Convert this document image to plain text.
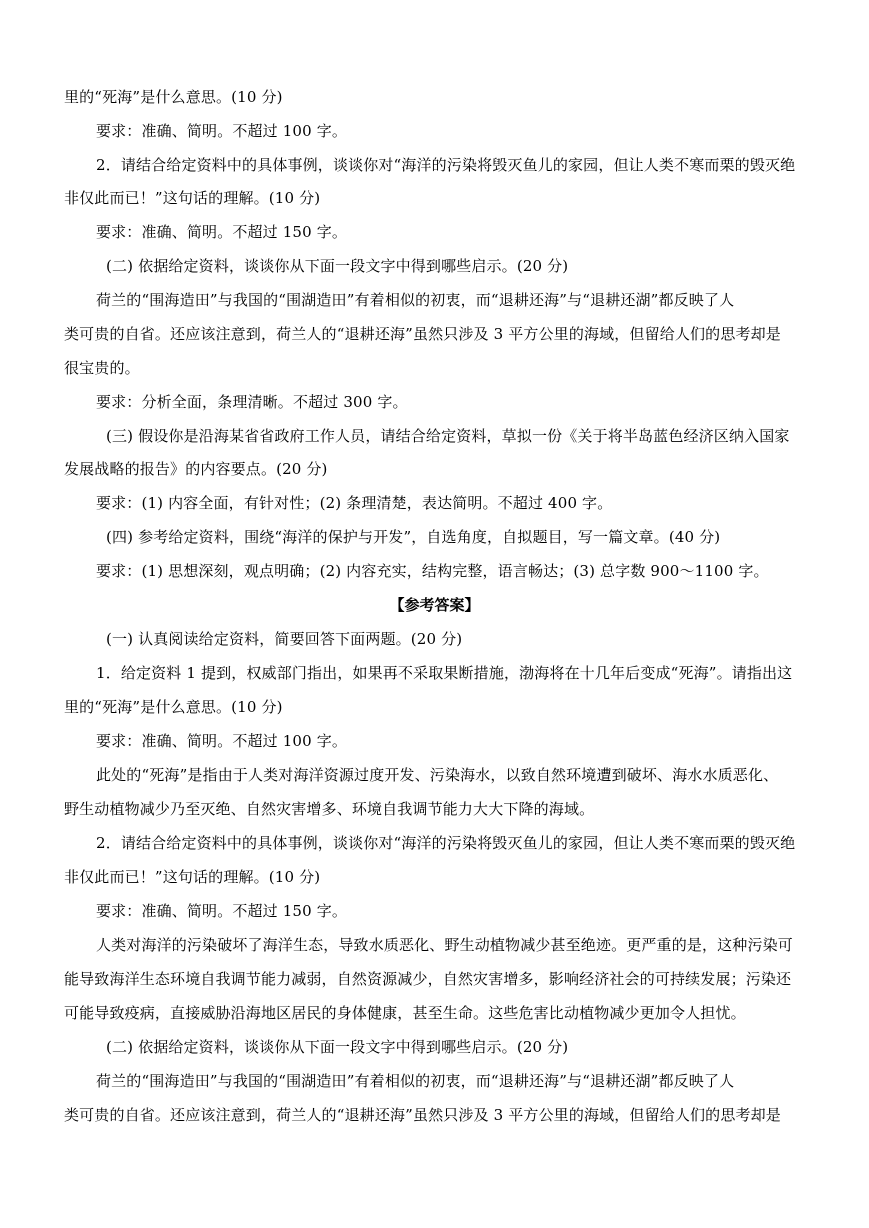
里的“死海”是什么意思。(10 分)
要求：准确、简明。不超过 100 字。
2．请结合给定资料中的具体事例，谈谈你对“海洋的污染将毁灭鱼儿的家园，但让人类不寒而栗的毁灭绝
非仅此而已！”这句话的理解。(10 分)
要求：准确、简明。不超过 150 字。
(二) 依据给定资料，谈谈你从下面一段文字中得到哪些启示。(20 分)
荷兰的“围海造田”与我国的“围湖造田”有着相似的初衷，而“退耕还海”与“退耕还湖”都反映了人
类可贵的自省。还应该注意到，荷兰人的“退耕还海”虽然只涉及 3 平方公里的海域，但留给人们的思考却是
很宝贵的。
要求：分析全面，条理清晰。不超过 300 字。
(三) 假设你是沿海某省省政府工作人员，请结合给定资料，草拟一份《关于将半岛蓝色经济区纳入国家
发展战略的报告》的内容要点。(20 分)
要求：(1) 内容全面，有针对性；(2) 条理清楚，表达简明。不超过 400 字。
(四) 参考给定资料，围绕“海洋的保护与开发”，自选角度，自拟题目，写一篇文章。(40 分)
要求：(1) 思想深刻，观点明确；(2) 内容充实，结构完整，语言畅达；(3) 总字数 900～1100 字。
【参考答案】
(一) 认真阅读给定资料，简要回答下面两题。(20 分)
1．给定资料 1 提到，权威部门指出，如果再不采取果断措施，渤海将在十几年后变成“死海”。请指出这
里的“死海”是什么意思。(10 分)
要求：准确、简明。不超过 100 字。
此处的“死海”是指由于人类对海洋资源过度开发、污染海水，以致自然环境遭到破坏、海水水质恶化、
野生动植物减少乃至灭绝、自然灾害增多、环境自我调节能力大大下降的海域。
2．请结合给定资料中的具体事例，谈谈你对“海洋的污染将毁灭鱼儿的家园，但让人类不寒而栗的毁灭绝
非仅此而已！”这句话的理解。(10 分)
要求：准确、简明。不超过 150 字。
人类对海洋的污染破坏了海洋生态，导致水质恶化、野生动植物减少甚至绝迹。更严重的是，这种污染可
能导致海洋生态环境自我调节能力减弱，自然资源减少，自然灾害增多，影响经济社会的可持续发展；污染还
可能导致疫病，直接威胁沿海地区居民的身体健康，甚至生命。这些危害比动植物减少更加令人担忧。
(二) 依据给定资料，谈谈你从下面一段文字中得到哪些启示。(20 分)
荷兰的“围海造田”与我国的“围湖造田”有着相似的初衷，而“退耕还海”与“退耕还湖”都反映了人
类可贵的自省。还应该注意到，荷兰人的“退耕还海”虽然只涉及 3 平方公里的海域，但留给人们的思考却是
